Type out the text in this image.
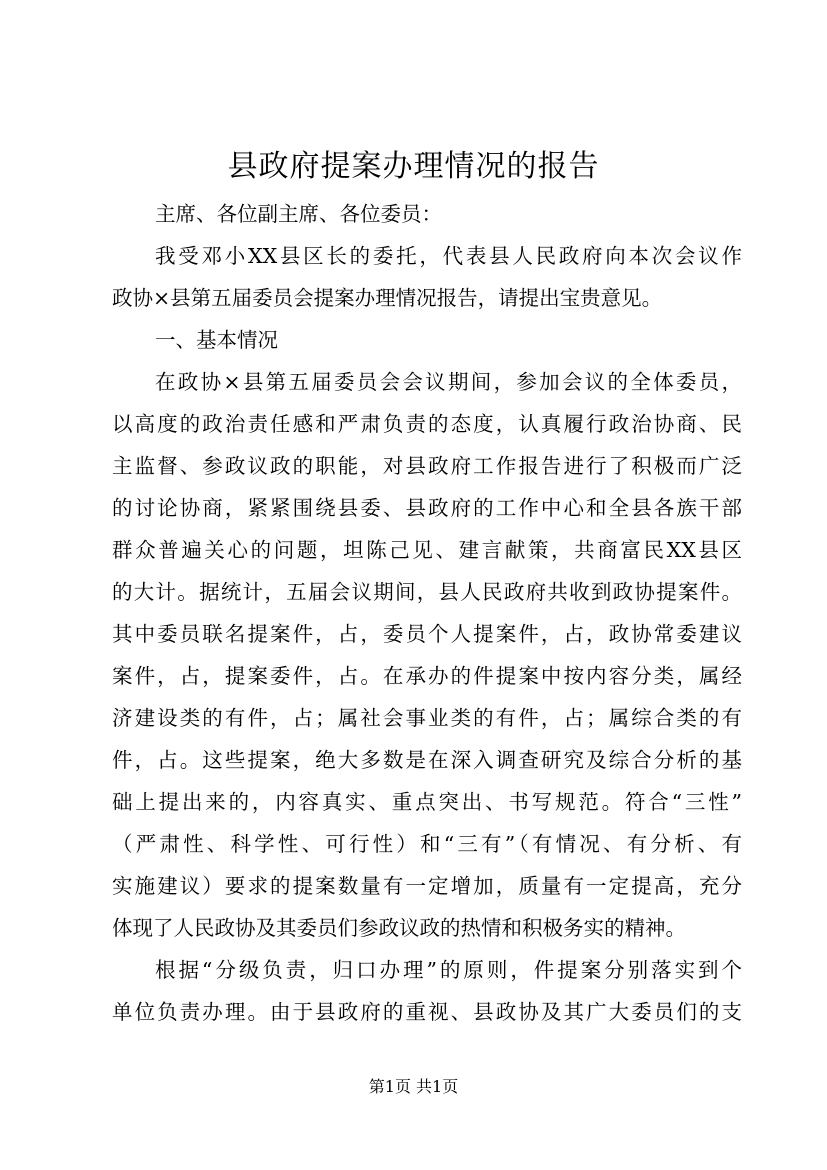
县政府提案办理情况的报告
主席、各位副主席、各位委员：
我受邓小XX县区长的委托，代表县人民政府向本次会议作
政协×县第五届委员会提案办理情况报告，请提出宝贵意见。
一、基本情况
在政协×县第五届委员会会议期间，参加会议的全体委员，
以高度的政治责任感和严肃负责的态度，认真履行政治协商、民
主监督、参政议政的职能，对县政府工作报告进行了积极而广泛
的讨论协商，紧紧围绕县委、县政府的工作中心和全县各族干部
群众普遍关心的问题，坦陈己见、建言献策，共商富民XX县区
的大计。据统计，五届会议期间，县人民政府共收到政协提案件。
其中委员联名提案件，占，委员个人提案件，占，政协常委建议
案件，占，提案委件，占。在承办的件提案中按内容分类，属经
济建设类的有件，占；属社会事业类的有件，占；属综合类的有
件，占。这些提案，绝大多数是在深入调查研究及综合分析的基
础上提出来的，内容真实、重点突出、书写规范。符合“三性”
（严肃性、科学性、可行性）和“三有”（有情况、有分析、有
实施建议）要求的提案数量有一定增加，质量有一定提高，充分
体现了人民政协及其委员们参政议政的热情和积极务实的精神。
根据“分级负责，归口办理”的原则，件提案分别落实到个
单位负责办理。由于县政府的重视、县政协及其广大委员们的支
第1页 共1页
